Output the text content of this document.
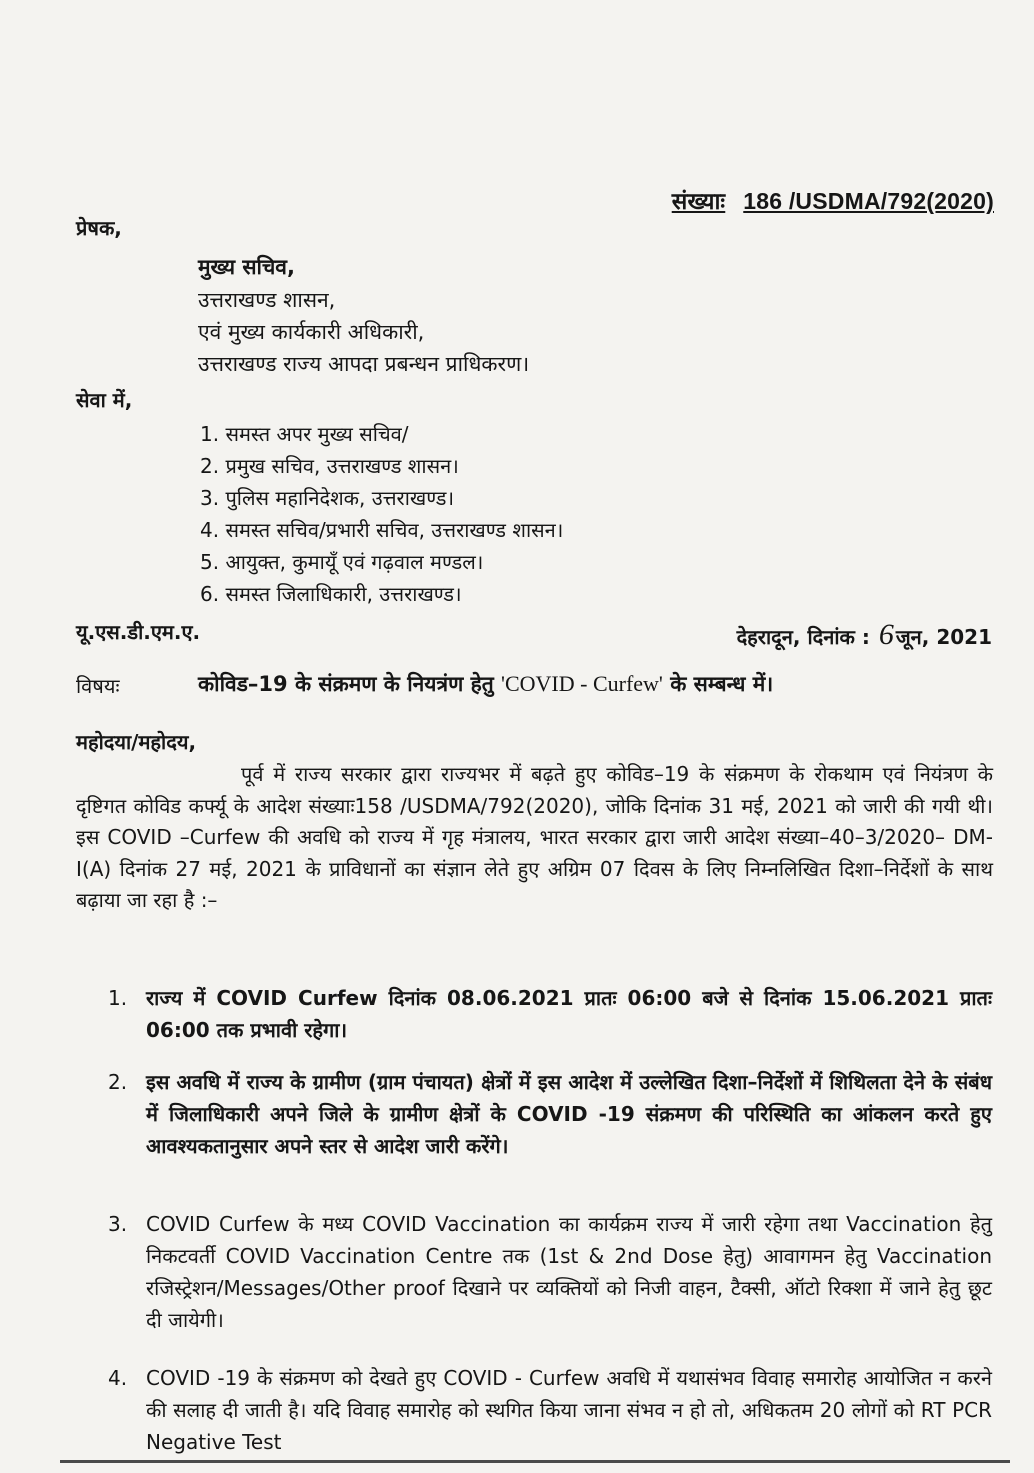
संख्याः 186 /USDMA/792(2020)
प्रेषक,
मुख्य सचिव,
उत्तराखण्ड शासन,
एवं मुख्य कार्यकारी अधिकारी,
उत्तराखण्ड राज्य आपदा प्रबन्धन प्राधिकरण।
सेवा में,
1. समस्त अपर मुख्य सचिव/
2. प्रमुख सचिव, उत्तराखण्ड शासन।
3. पुलिस महानिदेशक, उत्तराखण्ड।
4. समस्त सचिव/प्रभारी सचिव, उत्तराखण्ड शासन।
5. आयुक्त, कुमायूँ एवं गढ़वाल मण्डल।
6. समस्त जिलाधिकारी, उत्तराखण्ड।
यू.एस.डी.एम.ए.	देहरादून, दिनांक : 6 जून, 2021
विषयः	कोविड–19 के संक्रमण के नियत्रंण हेतु 'COVID - Curfew' के सम्बन्ध में।
महोदया/महोदय,
पूर्व में राज्य सरकार द्वारा राज्यभर में बढ़ते हुए कोविड–19 के संक्रमण के रोकथाम एवं नियंत्रण के दृष्टिगत कोविड कर्फ्यू के आदेश संख्याः158 /USDMA/792(2020), जोकि दिनांक 31 मई, 2021 को जारी की गयी थी। इस COVID –Curfew की अवधि को राज्य में गृह मंत्रालय, भारत सरकार द्वारा जारी आदेश संख्या–40–3/2020– DM-I(A) दिनांक 27 मई, 2021 के प्राविधानों का संज्ञान लेते हुए अग्रिम 07 दिवस के लिए निम्नलिखित दिशा–निर्देशों के साथ बढ़ाया जा रहा है :–
1. राज्य में COVID Curfew दिनांक 08.06.2021 प्रातः 06:00 बजे से दिनांक 15.06.2021 प्रातः 06:00 तक प्रभावी रहेगा।
2. इस अवधि में राज्य के ग्रामीण (ग्राम पंचायत) क्षेत्रों में इस आदेश में उल्लेखित दिशा–निर्देशों में शिथिलता देने के संबंध में जिलाधिकारी अपने जिले के ग्रामीण क्षेत्रों के COVID -19 संक्रमण की परिस्थिति का आंकलन करते हुए आवश्यकतानुसार अपने स्तर से आदेश जारी करेंगे।
3. COVID Curfew के मध्य COVID Vaccination का कार्यक्रम राज्य में जारी रहेगा तथा Vaccination हेतु निकटवर्ती COVID Vaccination Centre तक (1st & 2nd Dose हेतु) आवागमन हेतु Vaccination रजिस्ट्रेशन/Messages/Other proof दिखाने पर व्यक्तियों को निजी वाहन, टैक्सी, ऑटो रिक्शा में जाने हेतु छूट दी जायेगी।
4. COVID -19 के संक्रमण को देखते हुए COVID - Curfew अवधि में यथासंभव विवाह समारोह आयोजित न करने की सलाह दी जाती है। यदि विवाह समारोह को स्थगित किया जाना संभव न हो तो, अधिकतम 20 लोगों को RT PCR Negative Test
